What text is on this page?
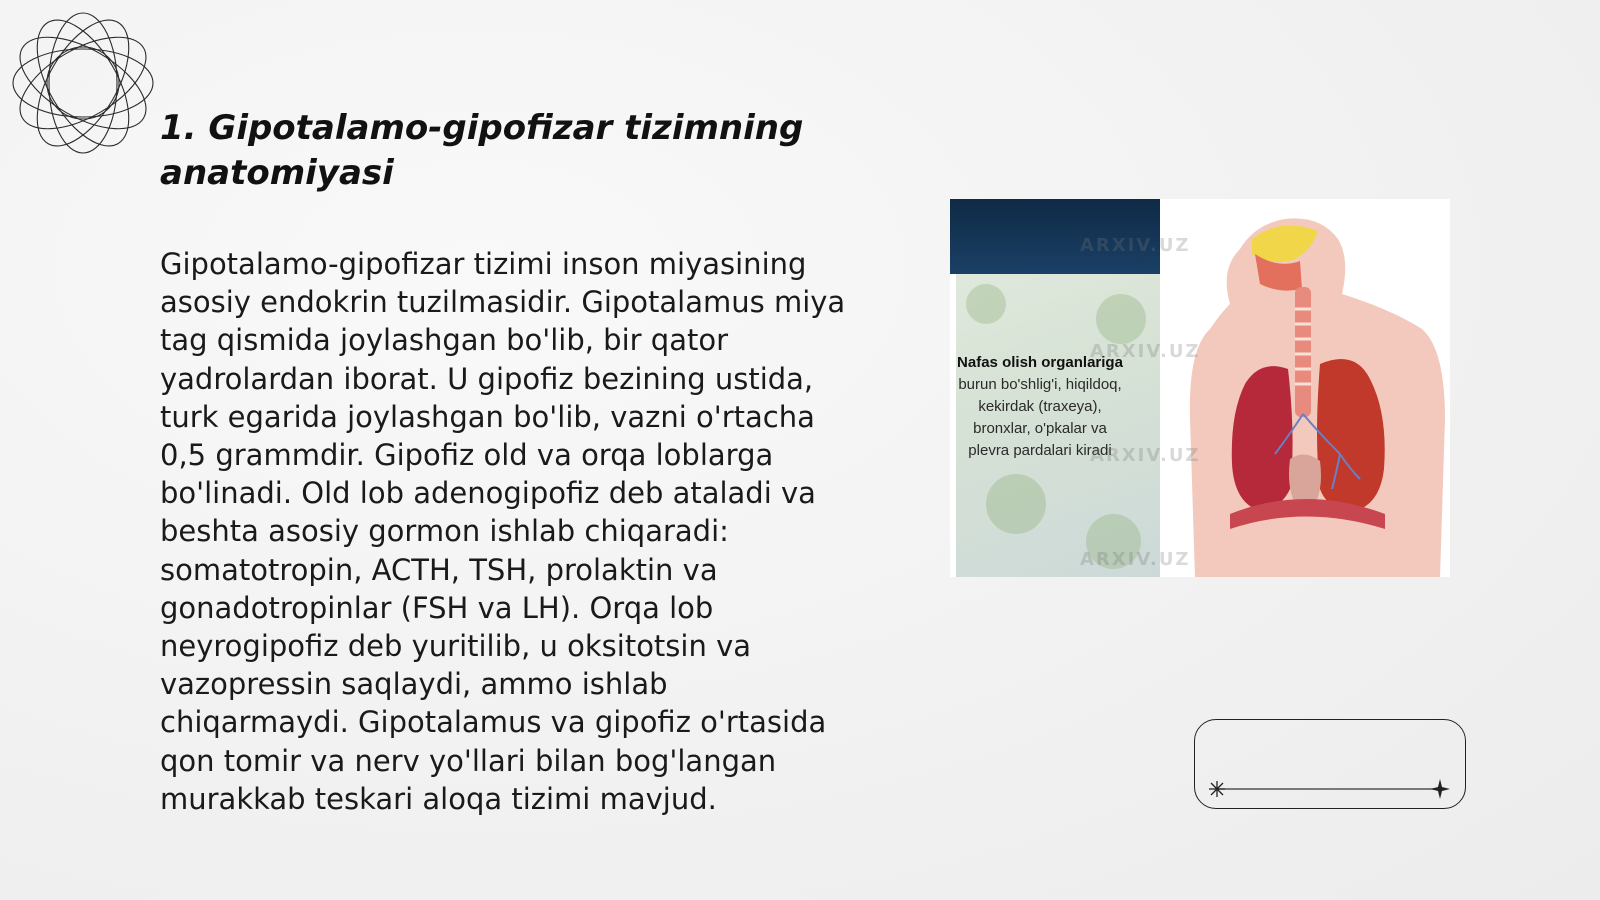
1. Gipotalamo-gipofizar tizimning
anatomiyasi

Gipotalamo-gipofizar tizimi inson miyasining asosiy endokrin tuzilmasidir. Gipotalamus miya tag qismida joylashgan bo'lib, bir qator yadrolardan iborat. U gipofiz bezining ustida, turk egarida joylashgan bo'lib, vazni o'rtacha 0,5 grammdir. Gipofiz old va orqa loblarga bo'linadi. Old lob adenogipofiz deb ataladi va beshta asosiy gormon ishlab chiqaradi: somatotropin, ACTH, TSH, prolaktin va gonadotropinlar (FSH va LH). Orqa lob neyrogipofiz deb yuritilib, u oksitotsin va vazopressin saqlaydi, ammo ishlab chiqarmaydi. Gipotalamus va gipofiz o'rtasida qon tomir va nerv yo'llari bilan bog'langan murakkab teskari aloqa tizimi mavjud.

Nafas olish organlariga burun bo'shlig'i, hiqildoq, kekirdak (traxeya), bronxlar, o'pkalar va plevra pardalari kiradi
ARXIV.UZ
ARXIV.UZ
ARXIV.UZ
ARXIV.UZ
